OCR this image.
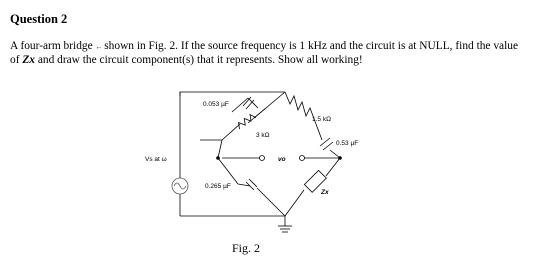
Question 2

A four-arm bridge ← shown in Fig. 2. If the source frequency is 1 kHz and the circuit is at NULL, find the value
of Zx and draw the circuit component(s) that it represents. Show all working!

Vs at ω
0.053 µF
3 kΩ
1.5 kΩ
0.53 µF
0.265 µF
vo
Zx
Fig. 2
